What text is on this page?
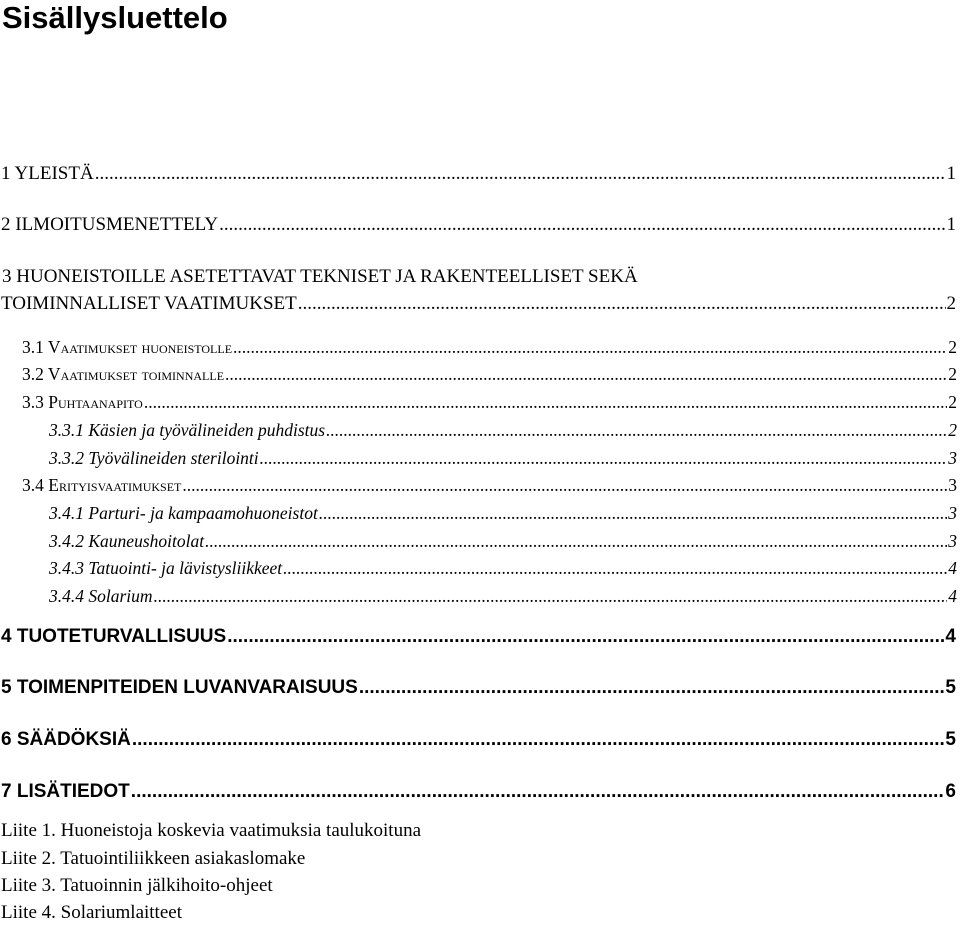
Sisällysluettelo
1 YLEISTÄ .....	1
2 ILMOITUSMENETTELY .....	1
3 HUONEISTOILLE ASETETTAVAT TEKNISET JA RAKENTEELLISET SEKÄ
TOIMINNALLISET VAATIMUKSET .....	2
3.1 Vaatimukset huoneistolle .....	2
3.2 Vaatimukset toiminnalle .....	2
3.3 Puhtaanapito .....	2
3.3.1 Käsien ja työvälineiden puhdistus .....	2
3.3.2 Työvälineiden sterilointi .....	3
3.4 Erityisvaatimukset .....	3
3.4.1 Parturi- ja kampaamohuoneistot .....	3
3.4.2 Kauneushoitolat .....	3
3.4.3 Tatuointi- ja lävistysliikkeet .....	4
3.4.4 Solarium .....	4
4 TUOTETURVALLISUUS .....	4
5 TOIMENPITEIDEN LUVANVARAISUUS .....	5
6 SÄÄDÖKSIÄ .....	5
7 LISÄTIEDOT .....	6
Liite 1. Huoneistoja koskevia vaatimuksia taulukoituna
Liite 2. Tatuointiliikkeen asiakaslomake
Liite 3. Tatuoinnin jälkihoito-ohjeet
Liite 4. Solariumlaitteet
